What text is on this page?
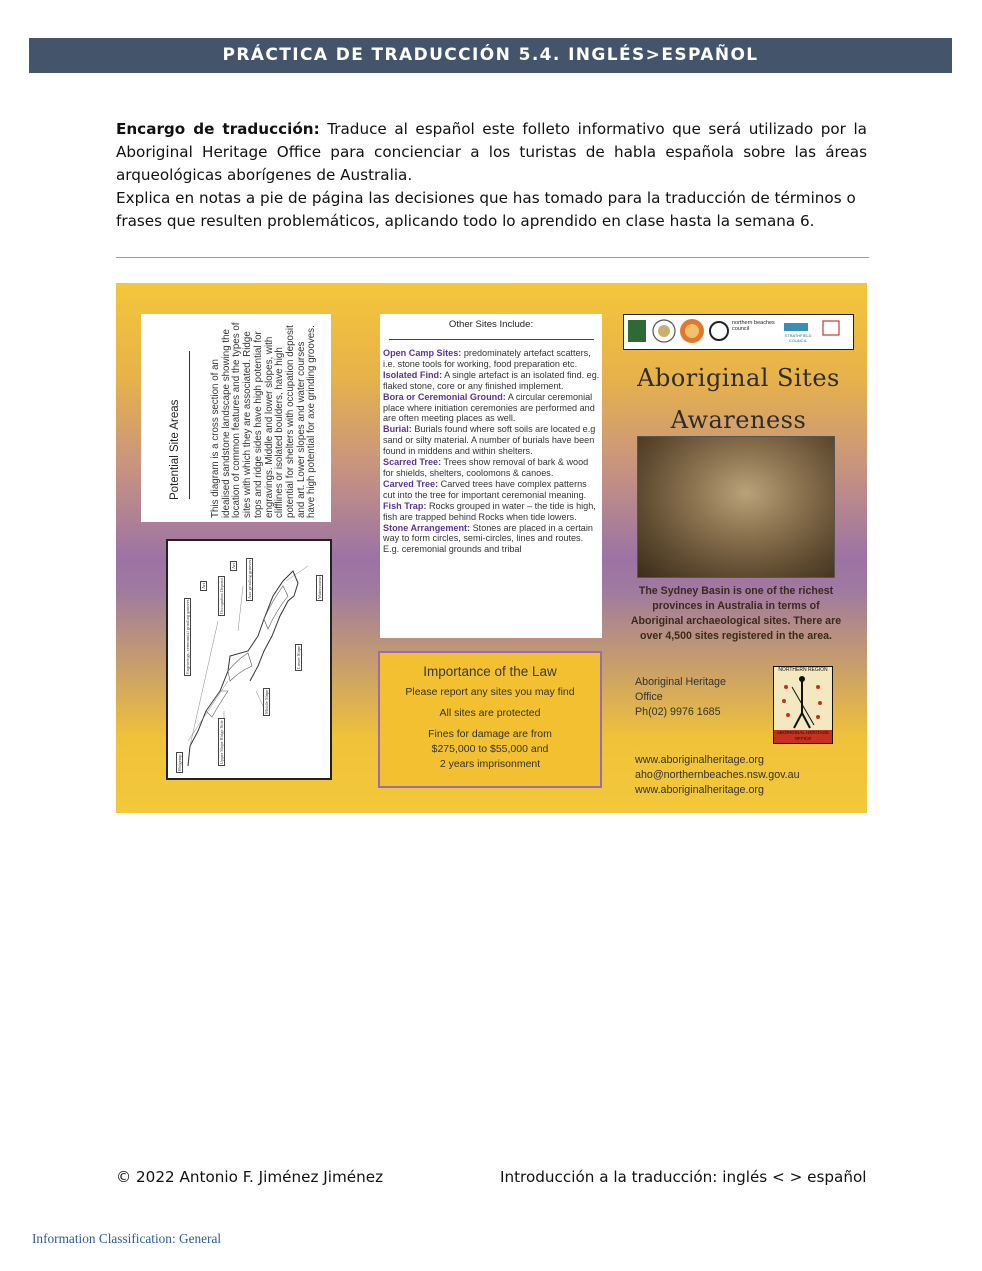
PRÁCTICA DE TRADUCCIÓN 5.4. INGLÉS>ESPAÑOL

Encargo de traducción: Traduce al español este folleto informativo que será utilizado por la Aboriginal Heritage Office para concienciar a los turistas de habla española sobre las áreas arqueológicas aborígenes de Australia.

Explica en notas a pie de página las decisiones que has tomado para la traducción de términos o frases que resulten problemáticos, aplicando todo lo aprendido en clase hasta la semana 6.

Potential Site Areas	This diagram is a cross section of an idealised sandstone landscape showing the location of common features and the types of sites with which they are associated. Ridge tops and ridge sides have high potential for engravings. Middle and lower slopes, with clifflines or isolated boulders, have high potential for shelters with occupation deposit and art. Lower slopes and water courses have high potential for axe grinding grooves.
Ridgetop	Upper Slope Ridge Side
Middle Slope
Lower Slope
Watercourse
Art	Occupation Deposit
Art
Engravings, ceremonial grinding grooves
Axe grinding grooves
Other Sites Include:

Open Camp Sites: predominately artefact scatters, i.e. stone tools for working, food preparation etc.

Isolated Find: A single artefact is an isolated find. eg. flaked stone, core or any finished implement.

Bora or Ceremonial Ground: A circular ceremonial place where initiation ceremonies are performed and are often meeting places as well.

Burial: Burials found where soft soils are located e.g sand or silty material. A number of burials have been found in middens and within shelters.

Scarred Tree: Trees show removal of bark & wood for shields, shelters, coolomons & canoes.

Carved Tree: Carved trees have complex patterns cut into the tree for important ceremonial meaning.

Fish Trap: Rocks grouped in water – the tide is high, fish are trapped behind Rocks when tide lowers.

Stone Arrangement: Stones are placed in a certain way to form circles, semi-circles, lines and routes. E.g. ceremonial grounds and tribal

Importance of the Law
Please report any sites you may find
All sites are protected
Fines for damage are from
$275,000 to $55,000 and
2 years imprisonment
northern beaches council
STRATHFIELD COUNCIL
Aboriginal Sites
Awareness
The Sydney Basin is one of the richest provinces in Australia in terms of Aboriginal archaeological sites. There are over 4,500 sites registered in the area.
Aboriginal Heritage
Office
Ph(02) 9976 1685
NORTHERN REGION
ABORIGINAL HERITAGE OFFICE
www.aboriginalheritage.org
aho@northernbeaches.nsw.gov.au
www.aboriginalheritage.org
© 2022 Antonio F. Jiménez Jiménez	Introducción a la traducción: inglés < > español
Information Classification: General
